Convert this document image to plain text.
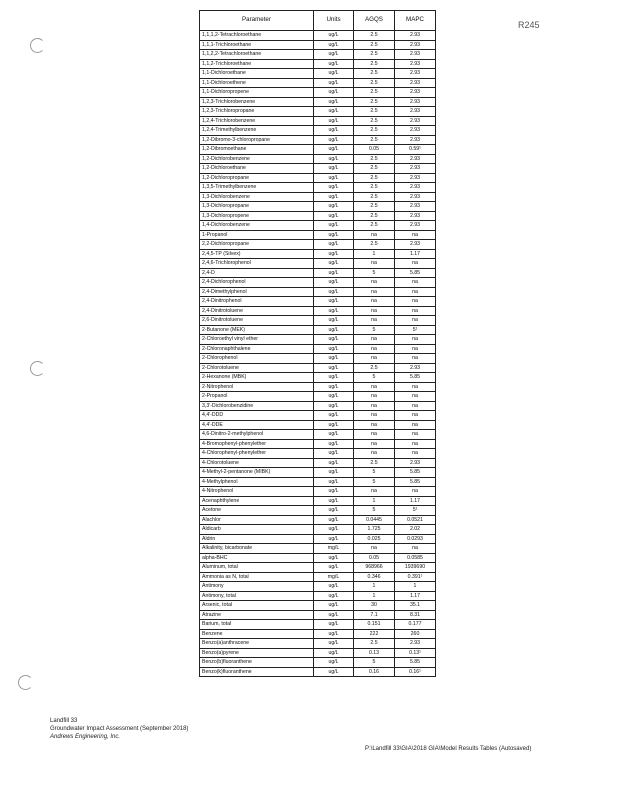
R245
Parameter	Units	AGQS	MAPC
1,1,1,2-Tetrachloroethane	ug/L	2.5	2.93
1,1,1-Trichloroethane	ug/L	2.5	2.93
1,1,2,2-Tetrachloroethane	ug/L	2.5	2.93
1,1,2-Trichloroethane	ug/L	2.5	2.93
1,1-Dichloroethane	ug/L	2.5	2.93
1,1-Dichloroethene	ug/L	2.5	2.93
1,1-Dichloropropene	ug/L	2.5	2.93
1,2,3-Trichlorobenzene	ug/L	2.5	2.93
1,2,3-Trichloropropane	ug/L	2.5	2.93
1,2,4-Trichlorobenzene	ug/L	2.5	2.93
1,2,4-Trimethylbenzene	ug/L	2.5	2.93
1,2-Dibromo-3-chloropropane	ug/L	2.5	2.93
1,2-Dibromoethane	ug/L	0.05	0.59¹
1,2-Dichlorobenzene	ug/L	2.5	2.93
1,2-Dichloroethane	ug/L	2.5	2.93
1,2-Dichloropropane	ug/L	2.5	2.93
1,3,5-Trimethylbenzene	ug/L	2.5	2.93
1,3-Dichlorobenzene	ug/L	2.5	2.93
1,3-Dichloropropane	ug/L	2.5	2.93
1,3-Dichloropropene	ug/L	2.5	2.93
1,4-Dichlorobenzene	ug/L	2.5	2.93
1-Propanol	ug/L	na	na
2,2-Dichloropropane	ug/L	2.5	2.93
2,4,5-TP (Silvex)	ug/L	1	1.17
2,4,6-Trichlorophenol	ug/L	na	na
2,4-D	ug/L	5	5.85
2,4-Dichlorophenol	ug/L	na	na
2,4-Dimethylphenol	ug/L	na	na
2,4-Dinitrophenol	ug/L	na	na
2,4-Dinitrotoluene	ug/L	na	na
2,6-Dinitrotoluene	ug/L	na	na
2-Butanone (MEK)	ug/L	5	5¹
2-Chloroethyl vinyl ether	ug/L	na	na
2-Chloronaphthalene	ug/L	na	na
2-Chlorophenol	ug/L	na	na
2-Chlorotoluene	ug/L	2.5	2.93
2-Hexanone (MBK)	ug/L	5	5.85
2-Nitrophenol	ug/L	na	na
2-Propanol	ug/L	na	na
3,3'-Dichlorobenzidine	ug/L	na	na
4,4'-DDD	ug/L	na	na
4,4'-DDE	ug/L	na	na
4,6-Dinitro-2-methylphenol	ug/L	na	na
4-Bromophenyl-phenylether	ug/L	na	na
4-Chlorophenyl-phenylether	ug/L	na	na
4-Chlorotoluene	ug/L	2.5	2.93
4-Methyl-2-pentanone (MIBK)	ug/L	5	5.85
4-Methylphenol	ug/L	5	5.85
4-Nitrophenol	ug/L	na	na
Acenaphthylene	ug/L	1	1.17
Acetone	ug/L	5	5¹
Alachlor	ug/L	0.0445	0.0521
Aldicarb	ug/L	1.725	2.02
Aldrin	ug/L	0.025	0.0293
Alkalinity, bicarbonate	mg/L	na	na
alpha-BHC	ug/L	0.05	0.0585
Aluminum, total	ug/L	968966	1939690
Ammonia as N, total	mg/L	0.346	0.391¹
Antimony	ug/L	1	1
Antimony, total	ug/L	1	1.17
Arsenic, total	ug/L	30	35.1
Atrazine	ug/L	7.1	8.31
Barium, total	ug/L	0.151	0.177
Benzene	ug/L	222	260
Benzo(a)anthracene	ug/L	2.5	2.93
Benzo(a)pyrene	ug/L	0.13	0.13¹
Benzo(b)fluoranthene	ug/L	5	5.85
Benzo(k)fluoranthene	ug/L	0.16	0.16¹
Landfill 33
Groundwater Impact Assessment (September 2018)
Andrews Engineering, Inc.
P:\Landfill 33\GIA\2018 GIA\Model Results Tables (Autosaved)
